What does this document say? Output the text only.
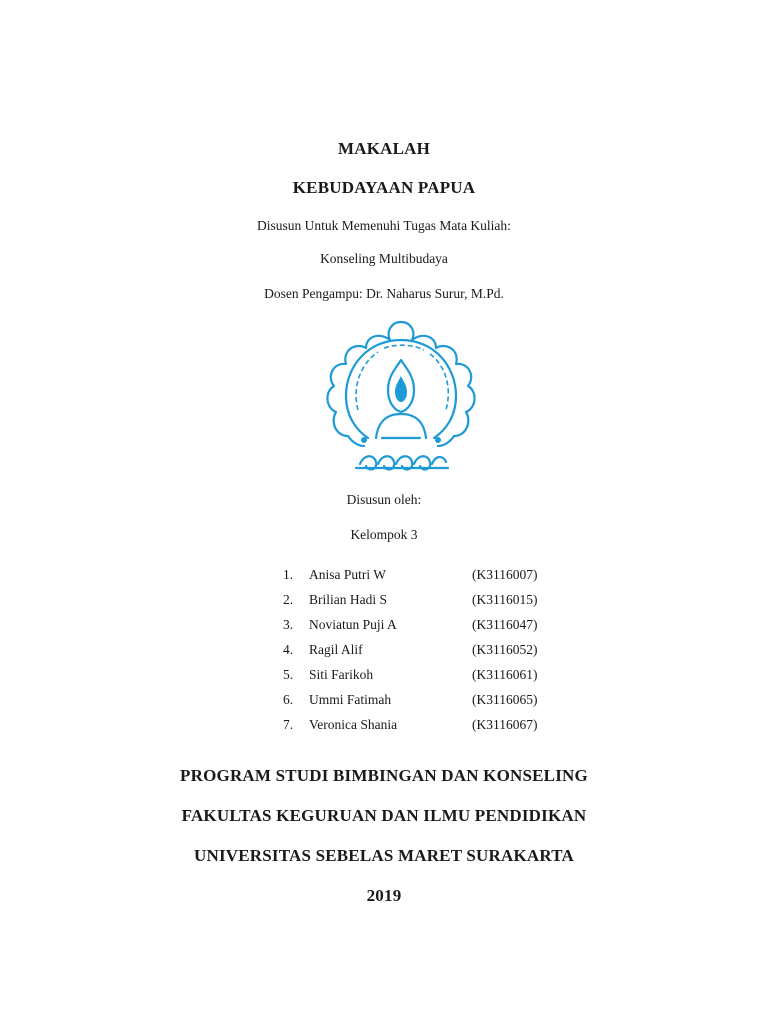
MAKALAH
KEBUDAYAAN PAPUA
Disusun Untuk Memenuhi Tugas Mata Kuliah:
Konseling Multibudaya
Dosen Pengampu: Dr. Naharus Surur, M.Pd.
Disusun oleh:
Kelompok 3
1.	Anisa Putri W	(K3116007)
2.	Brilian Hadi S	(K3116015)
3.	Noviatun Puji A	(K3116047)
4.	Ragil Alif	(K3116052)
5.	Siti Farikoh	(K3116061)
6.	Ummi Fatimah	(K3116065)
7.	Veronica Shania	(K3116067)
PROGRAM STUDI BIMBINGAN DAN KONSELING
FAKULTAS KEGURUAN DAN ILMU PENDIDIKAN
UNIVERSITAS SEBELAS MARET SURAKARTA
2019
